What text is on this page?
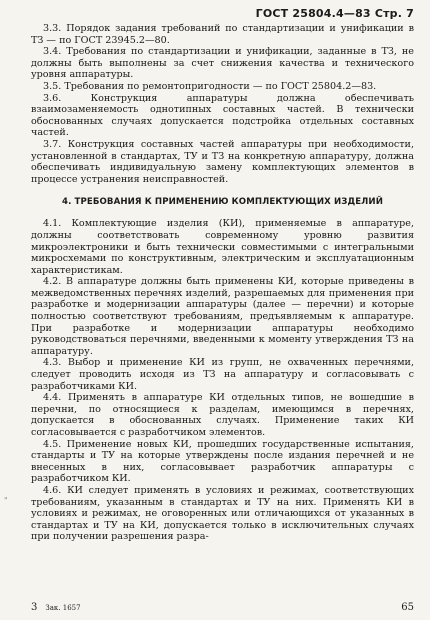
ГОСТ 25804.4—83 Стр. 7

3.3. Порядок задания требований по стандартизации и унификации в ТЗ — по ГОСТ 23945.2—80.

3.4. Требования по стандартизации и унификации, заданные в ТЗ, не должны быть выполнены за счет снижения качества и технического уровня аппаратуры.

3.5. Требования по ремонтопригодности — по ГОСТ 25804.2—83.

3.6. Конструкция аппаратуры должна обеспечивать взаимозаменяемость однотипных составных частей. В технически обоснованных случаях допускается подстройка отдельных составных частей.

3.7. Конструкция составных частей аппаратуры при необходимости, установленной в стандартах, ТУ и ТЗ на конкретную аппаратуру, должна обеспечивать индивидуальную замену комплектующих элементов в процессе устранения неисправностей.

4. ТРЕБОВАНИЯ К ПРИМЕНЕНИЮ КОМПЛЕКТУЮЩИХ ИЗДЕЛИЙ

4.1. Комплектующие изделия (КИ), применяемые в аппаратуре, должны соответствовать современному уровню развития микроэлектроники и быть технически совместимыми с интегральными микросхемами по конструктивным, электрическим и эксплуатационным характеристикам.

4.2. В аппаратуре должны быть применены КИ, которые приведены в межведомственных перечнях изделий, разрешаемых для применения при разработке и модернизации аппаратуры (далее — перечни) и которые полностью соответствуют требованиям, предъявляемым к аппаратуре. При разработке и модернизации аппаратуры необходимо руководствоваться перечнями, введенными к моменту утверждения ТЗ на аппаратуру.

4.3. Выбор и применение КИ из групп, не охваченных перечнями, следует проводить исходя из ТЗ на аппаратуру и согласовывать с разработчиками КИ.

4.4. Применять в аппаратуре КИ отдельных типов, не вошедшие в перечни, по относящиеся к разделам, имеющимся в перечнях, допускается в обоснованных случаях. Применение таких КИ согласовывается с разработчиком элементов.

4.5. Применение новых КИ, прошедших государственные испытания, стандарты и ТУ на которые утверждены после издания перечней и не внесенных в них, согласовывает разработчик аппаратуры с разработчиком КИ.

4.6. КИ следует применять в условиях и режимах, соответствующих требованиям, указанным в стандартах и ТУ на них. Применять КИ в условиях и режимах, не оговоренных или отличающихся от указанных в стандартах и ТУ на КИ, допускается только в исключительных случаях при получении разрешения разра-

"
3 Зак. 1657	65
